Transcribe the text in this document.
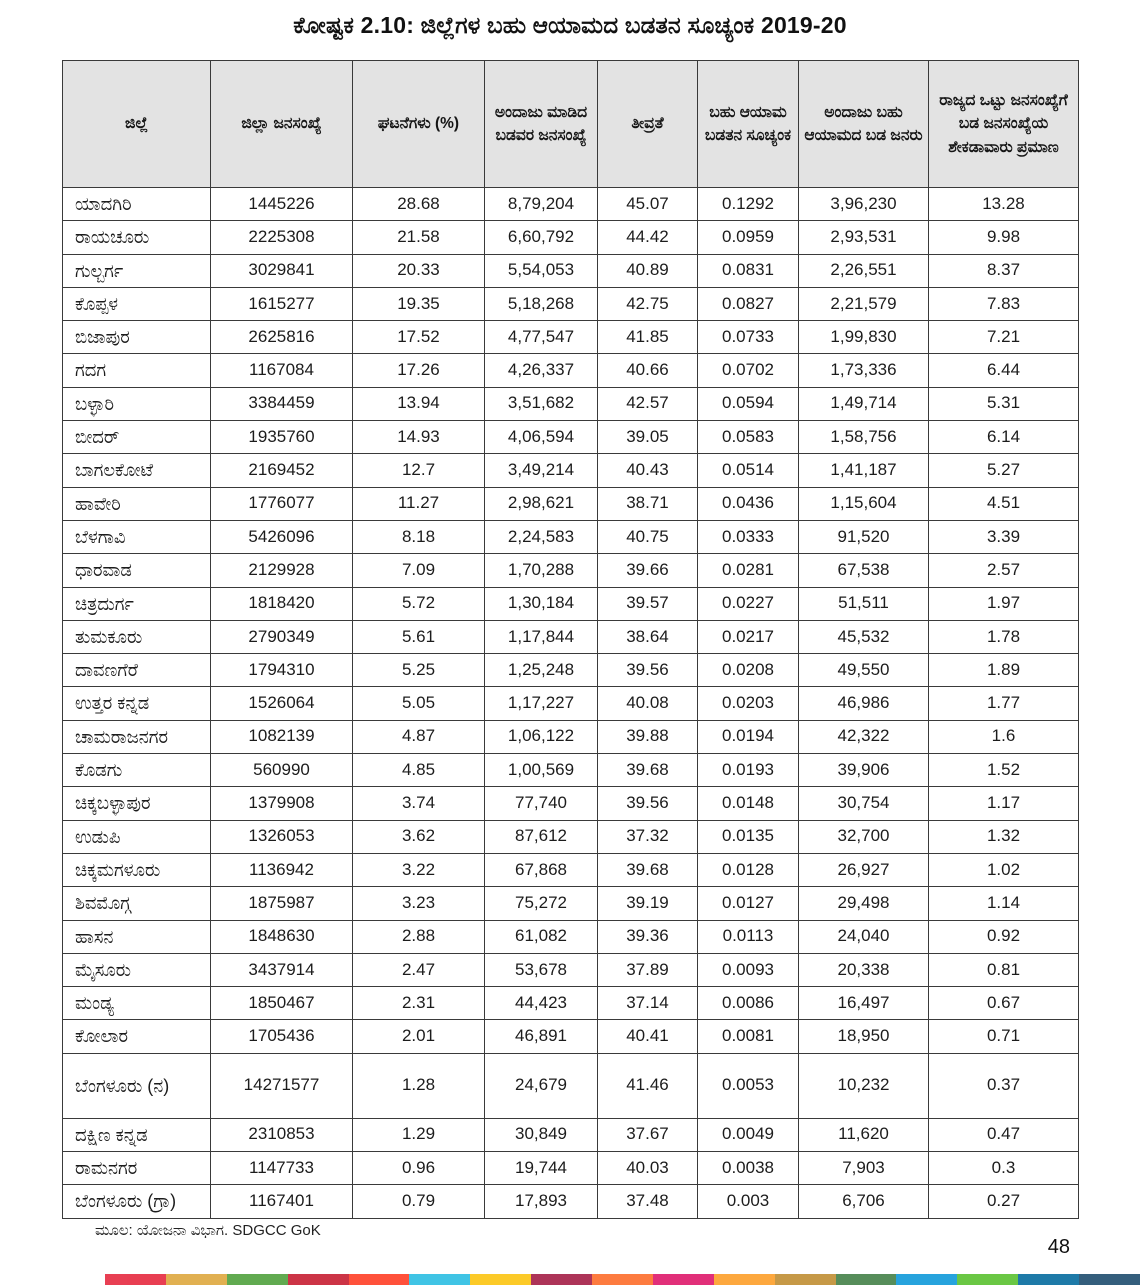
ಕೋಷ್ಟಕ 2.10: ಜಿಲ್ಲೆಗಳ ಬಹು ಆಯಾಮದ ಬಡತನ ಸೂಚ್ಯಂಕ 2019-20
ಜಿಲ್ಲೆ	ಜಿಲ್ಲಾ ಜನಸಂಖ್ಯೆ	ಘಟನೆಗಳು (%)	ಅಂದಾಜು ಮಾಡಿದ ಬಡವರ ಜನಸಂಖ್ಯೆ	ತೀವ್ರತೆ	ಬಹು ಆಯಾಮ ಬಡತನ ಸೂಚ್ಯಂಕ	ಅಂದಾಜು ಬಹು ಆಯಾಮದ ಬಡ ಜನರು	ರಾಜ್ಯದ ಒಟ್ಟು ಜನಸಂಖ್ಯೆಗೆ ಬಡ ಜನಸಂಖ್ಯೆಯ ಶೇಕಡಾವಾರು ಪ್ರಮಾಣ
ಯಾದಗಿರಿ	1445226	28.68	8,79,204	45.07	0.1292	3,96,230	13.28
ರಾಯಚೂರು	2225308	21.58	6,60,792	44.42	0.0959	2,93,531	9.98
ಗುಲ್ಬರ್ಗ	3029841	20.33	5,54,053	40.89	0.0831	2,26,551	8.37
ಕೊಪ್ಪಳ	1615277	19.35	5,18,268	42.75	0.0827	2,21,579	7.83
ಬಿಜಾಪುರ	2625816	17.52	4,77,547	41.85	0.0733	1,99,830	7.21
ಗದಗ	1167084	17.26	4,26,337	40.66	0.0702	1,73,336	6.44
ಬಳ್ಳಾರಿ	3384459	13.94	3,51,682	42.57	0.0594	1,49,714	5.31
ಬೀದರ್	1935760	14.93	4,06,594	39.05	0.0583	1,58,756	6.14
ಬಾಗಲಕೋಟೆ	2169452	12.7	3,49,214	40.43	0.0514	1,41,187	5.27
ಹಾವೇರಿ	1776077	11.27	2,98,621	38.71	0.0436	1,15,604	4.51
ಬೆಳಗಾವಿ	5426096	8.18	2,24,583	40.75	0.0333	91,520	3.39
ಧಾರವಾಡ	2129928	7.09	1,70,288	39.66	0.0281	67,538	2.57
ಚಿತ್ರದುರ್ಗ	1818420	5.72	1,30,184	39.57	0.0227	51,511	1.97
ತುಮಕೂರು	2790349	5.61	1,17,844	38.64	0.0217	45,532	1.78
ದಾವಣಗೆರೆ	1794310	5.25	1,25,248	39.56	0.0208	49,550	1.89
ಉತ್ತರ ಕನ್ನಡ	1526064	5.05	1,17,227	40.08	0.0203	46,986	1.77
ಚಾಮರಾಜನಗರ	1082139	4.87	1,06,122	39.88	0.0194	42,322	1.6
ಕೊಡಗು	560990	4.85	1,00,569	39.68	0.0193	39,906	1.52
ಚಿಕ್ಕಬಳ್ಳಾಪುರ	1379908	3.74	77,740	39.56	0.0148	30,754	1.17
ಉಡುಪಿ	1326053	3.62	87,612	37.32	0.0135	32,700	1.32
ಚಿಕ್ಕಮಗಳೂರು	1136942	3.22	67,868	39.68	0.0128	26,927	1.02
ಶಿವಮೊಗ್ಗ	1875987	3.23	75,272	39.19	0.0127	29,498	1.14
ಹಾಸನ	1848630	2.88	61,082	39.36	0.0113	24,040	0.92
ಮೈಸೂರು	3437914	2.47	53,678	37.89	0.0093	20,338	0.81
ಮಂಡ್ಯ	1850467	2.31	44,423	37.14	0.0086	16,497	0.67
ಕೋಲಾರ	1705436	2.01	46,891	40.41	0.0081	18,950	0.71
ಬೆಂಗಳೂರು (ನ)	14271577	1.28	24,679	41.46	0.0053	10,232	0.37
ದಕ್ಷಿಣ ಕನ್ನಡ	2310853	1.29	30,849	37.67	0.0049	11,620	0.47
ರಾಮನಗರ	1147733	0.96	19,744	40.03	0.0038	7,903	0.3
ಬೆಂಗಳೂರು (ಗ್ರಾ)	1167401	0.79	17,893	37.48	0.003	6,706	0.27
ಮೂಲ: ಯೋಜನಾ ವಿಭಾಗ. SDGCC GoK
48
